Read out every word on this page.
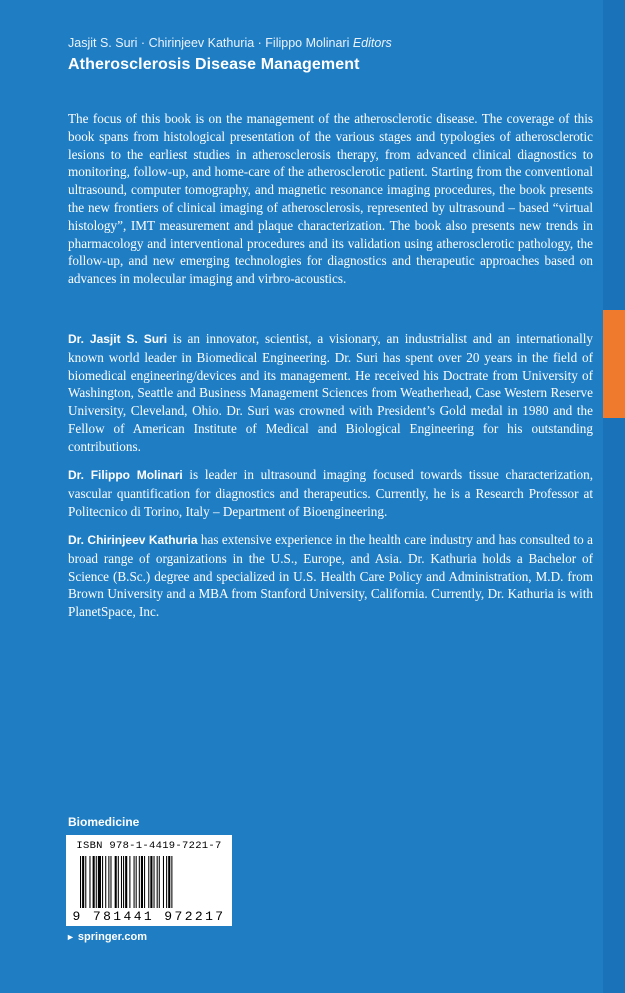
Jasjit S. Suri · Chirinjeev Kathuria · Filippo Molinari Editors
Atherosclerosis Disease Management

The focus of this book is on the management of the atherosclerotic disease. The coverage of this book spans from histological presentation of the various stages and typologies of atherosclerotic lesions to the earliest studies in atherosclerosis therapy, from advanced clinical diagnostics to monitoring, follow-up, and home-care of the atherosclerotic patient. Starting from the conventional ultrasound, computer tomography, and magnetic resonance imaging procedures, the book presents the new frontiers of clinical imaging of atherosclerosis, represented by ultrasound – based “virtual histology”, IMT measurement and plaque characterization. The book also presents new trends in pharmacology and interventional procedures and its validation using atherosclerotic pathology, the follow-up, and new emerging technologies for diagnostics and therapeutic approaches based on advances in molecular imaging and virbro-acoustics.

Dr. Jasjit S. Suri is an innovator, scientist, a visionary, an industrialist and an internationally known world leader in Biomedical Engineering. Dr. Suri has spent over 20 years in the field of biomedical engineering/devices and its management. He received his Doctrate from University of Washington, Seattle and Business Management Sciences from Weatherhead, Case Western Reserve University, Cleveland, Ohio. Dr. Suri was crowned with President’s Gold medal in 1980 and the Fellow of American Institute of Medical and Biological Engineering for his outstanding contributions.

Dr. Filippo Molinari is leader in ultrasound imaging focused towards tissue characterization, vascular quantification for diagnostics and therapeutics. Currently, he is a Research Professor at Politecnico di Torino, Italy – Department of Bioengineering.

Dr. Chirinjeev Kathuria has extensive experience in the health care industry and has consulted to a broad range of organizations in the U.S., Europe, and Asia. Dr. Kathuria holds a Bachelor of Science (B.Sc.) degree and specialized in U.S. Health Care Policy and Administration, M.D. from Brown University and a MBA from Stanford University, California. Currently, Dr. Kathuria is with PlanetSpace, Inc.

Biomedicine
ISBN 978-1-4419-7221-7
9 781441 972217
► springer.com
